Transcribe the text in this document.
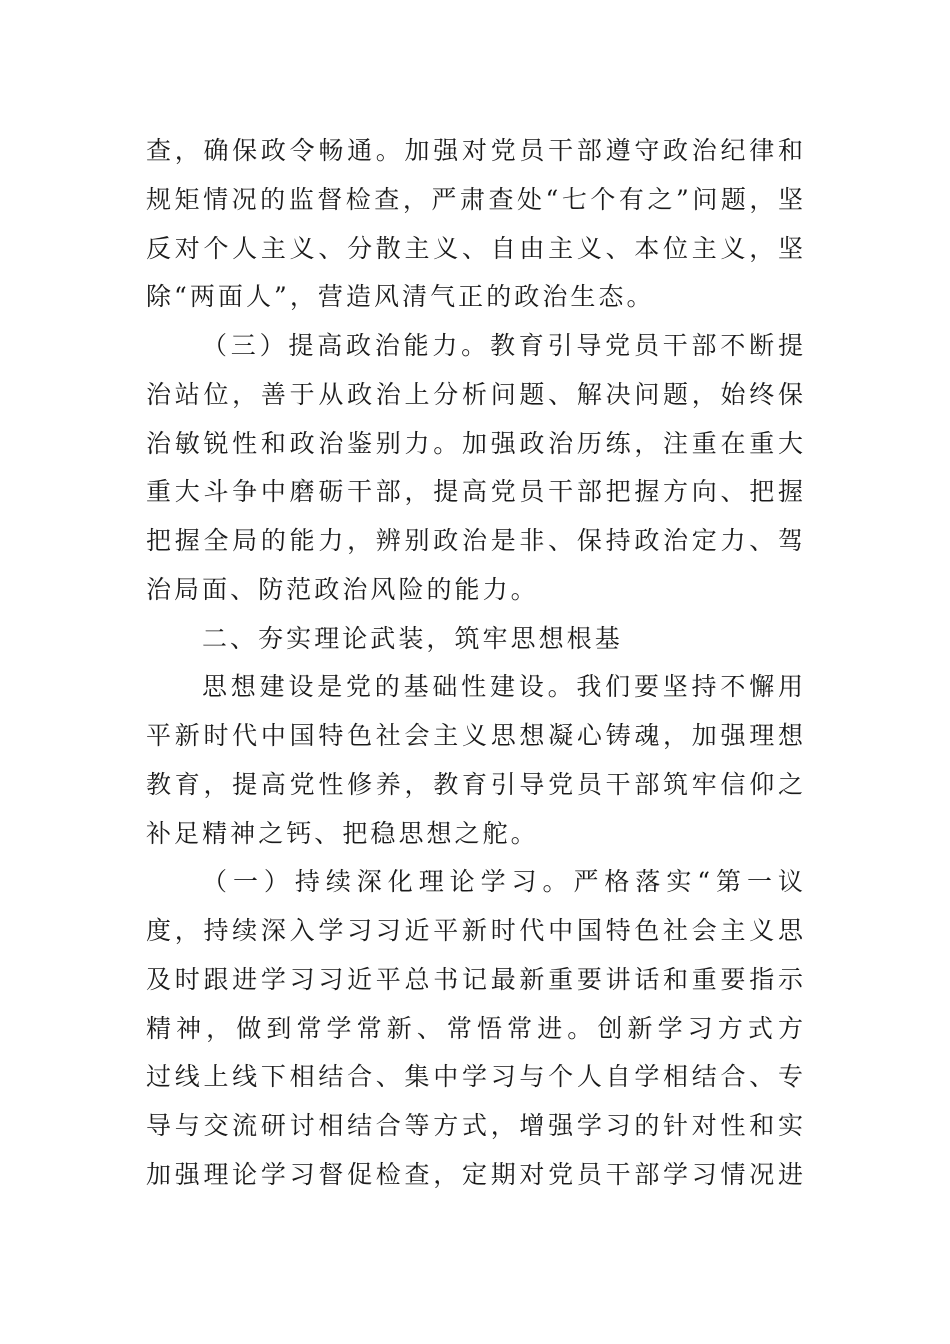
查，确保政令畅通。加强对党员干部遵守政治纪律和
规矩情况的监督检查，严肃查处“七个有之”问题，坚
反对个人主义、分散主义、自由主义、本位主义，坚
除“两面人”，营造风清气正的政治生态。
（三）提高政治能力。教育引导党员干部不断提
治站位，善于从政治上分析问题、解决问题，始终保
治敏锐性和政治鉴别力。加强政治历练，注重在重大
重大斗争中磨砺干部，提高党员干部把握方向、把握
把握全局的能力，辨别政治是非、保持政治定力、驾
治局面、防范政治风险的能力。
二、夯实理论武装，筑牢思想根基
思想建设是党的基础性建设。我们要坚持不懈用
平新时代中国特色社会主义思想凝心铸魂，加强理想
教育，提高党性修养，教育引导党员干部筑牢信仰之
补足精神之钙、把稳思想之舵。
（一）持续深化理论学习。严格落实“第一议
度，持续深入学习习近平新时代中国特色社会主义思
及时跟进学习习近平总书记最新重要讲话和重要指示
精神，做到常学常新、常悟常进。创新学习方式方
过线上线下相结合、集中学习与个人自学相结合、专
导与交流研讨相结合等方式，增强学习的针对性和实
加强理论学习督促检查，定期对党员干部学习情况进
